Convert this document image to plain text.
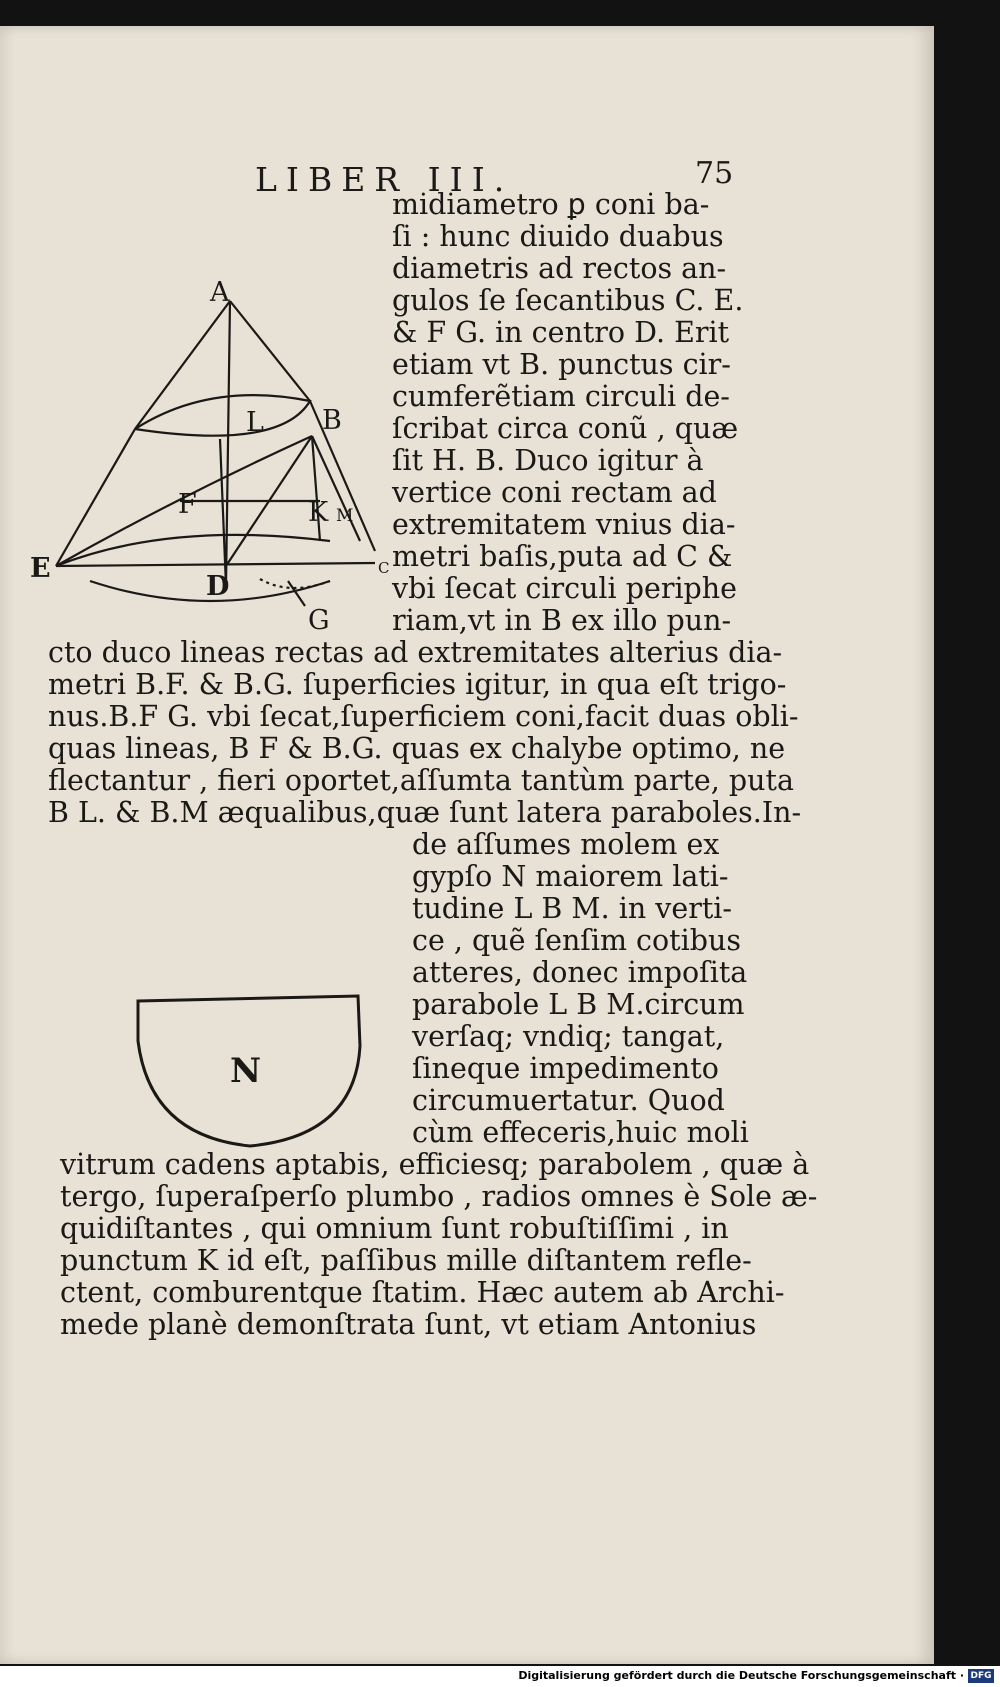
LIBER III.	75
A
B
L
F	K M
E	C
D
G
N
midiametro ꝑ coni ba-
ſi : hunc diuido duabus
diametris ad rectos an-
gulos ſe ſecantibus C. E.
& F G. in centro D. Erit
etiam vt B. punctus cir-
cumferẽtiam circuli de-
ſcribat circa conũ , quæ
ſit H. B. Duco igitur à
vertice coni rectam ad
extremitatem vnius dia-
metri baſis,puta ad C &
vbi ſecat circuli periphe
riam,vt in B ex illo pun-
cto duco lineas rectas ad extremitates alterius dia-
metri B.F. & B.G. ſuperficies igitur, in qua eſt trigo-
nus.B.F G. vbi ſecat,ſuperficiem coni,facit duas obli-
quas lineas, B F & B.G. quas ex chalybe optimo, ne
flectantur , fieri oportet,aſſumta tantùm parte, puta
B L. & B.M æqualibus,quæ ſunt latera paraboles.In-
de aſſumes molem ex
gypſo N maiorem lati-
tudine L B M. in verti-
ce , quẽ ſenſim cotibus
atteres, donec impoſita
parabole L B M.circum
verſaq; vndiq; tangat,
ſineque impedimento
circumuertatur. Quod
cùm effeceris,huic moli
vitrum cadens aptabis, efficiesq; parabolem , quæ à
tergo, ſuperaſperſo plumbo , radios omnes è Sole æ-
quidiſtantes , qui omnium ſunt robuſtiſſimi , in
punctum K id eſt, paſſibus mille diſtantem refle-
ctent, comburentque ſtatim. Hæc autem ab Archi-
mede planè demonſtrata ſunt, vt etiam Antonius
Digitalisierung gefördert durch die Deutsche Forschungsgemeinschaft · DFG
